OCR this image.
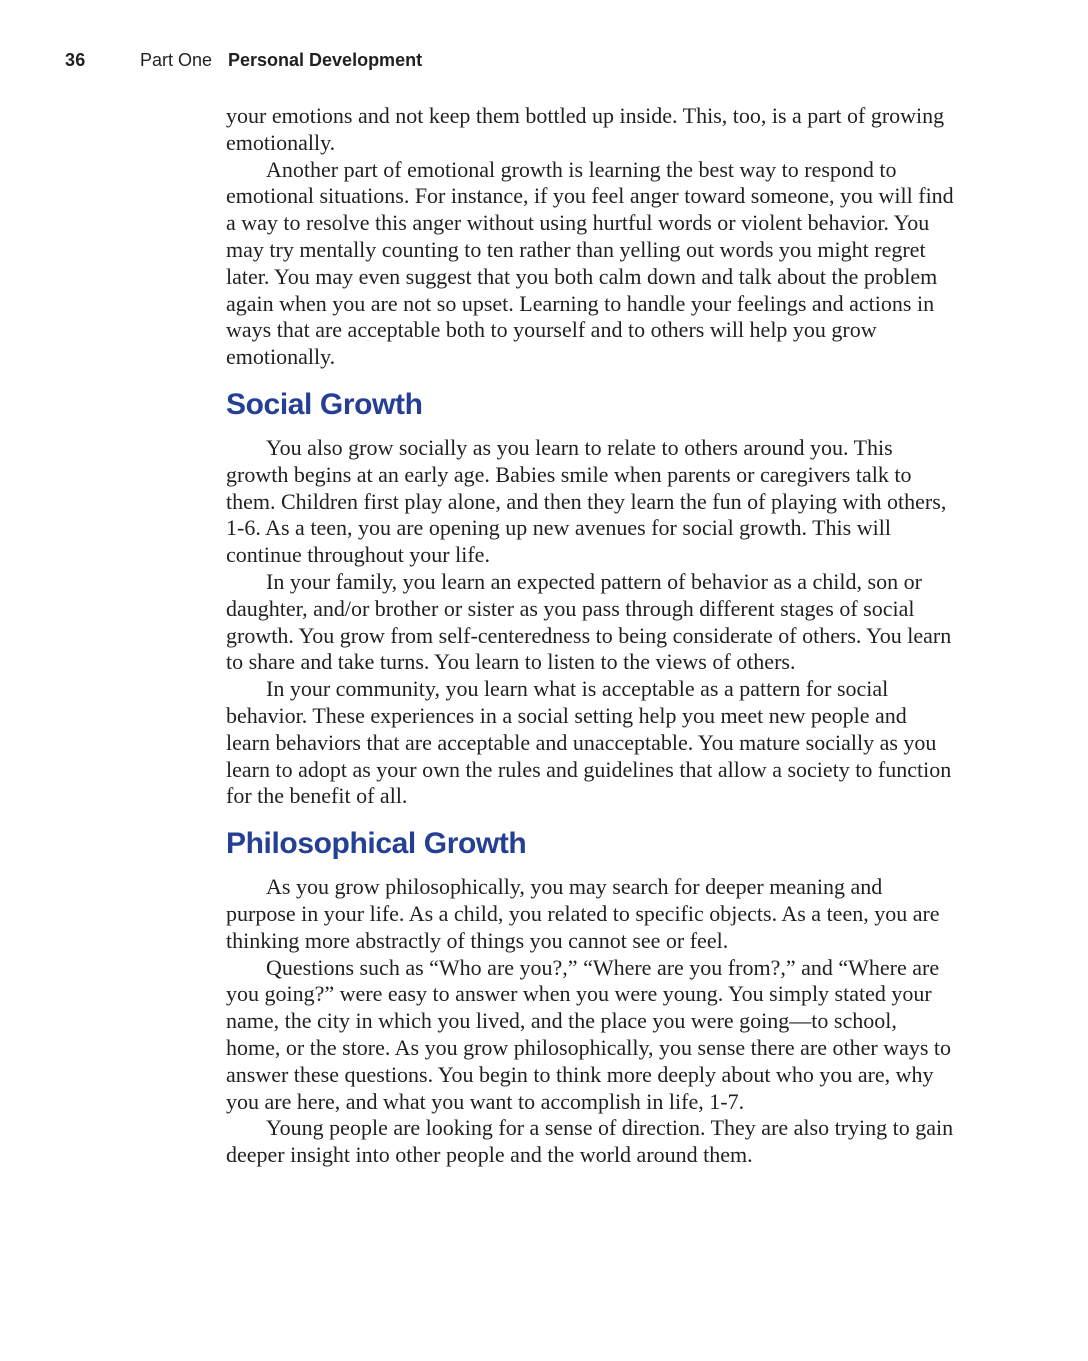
36	Part One Personal Development

your emotions and not keep them bottled up inside. This, too, is a part of growing emotionally.

Another part of emotional growth is learning the best way to respond to emotional situations. For instance, if you feel anger toward someone, you will find a way to resolve this anger without using hurtful words or violent behavior. You may try mentally counting to ten rather than yelling out words you might regret later. You may even suggest that you both calm down and talk about the problem again when you are not so upset. Learning to handle your feelings and actions in ways that are acceptable both to yourself and to others will help you grow emotionally.

Social Growth

You also grow socially as you learn to relate to others around you. This growth begins at an early age. Babies smile when parents or caregivers talk to them. Children first play alone, and then they learn the fun of playing with others, 1-6. As a teen, you are opening up new avenues for social growth. This will continue throughout your life.

In your family, you learn an expected pattern of behavior as a child, son or daughter, and/or brother or sister as you pass through different stages of social growth. You grow from self-centeredness to being considerate of others. You learn to share and take turns. You learn to listen to the views of others.

In your community, you learn what is acceptable as a pattern for social behavior. These experiences in a social setting help you meet new people and learn behaviors that are acceptable and unacceptable. You mature socially as you learn to adopt as your own the rules and guidelines that allow a society to function for the benefit of all.

Philosophical Growth

As you grow philosophically, you may search for deeper meaning and purpose in your life. As a child, you related to specific objects. As a teen, you are thinking more abstractly of things you cannot see or feel.

Questions such as “Who are you?,” “Where are you from?,” and “Where are you going?” were easy to answer when you were young. You simply stated your name, the city in which you lived, and the place you were going—to school, home, or the store. As you grow philosophically, you sense there are other ways to answer these questions. You begin to think more deeply about who you are, why you are here, and what you want to accomplish in life, 1-7.

Young people are looking for a sense of direction. They are also trying to gain deeper insight into other people and the world around them.
